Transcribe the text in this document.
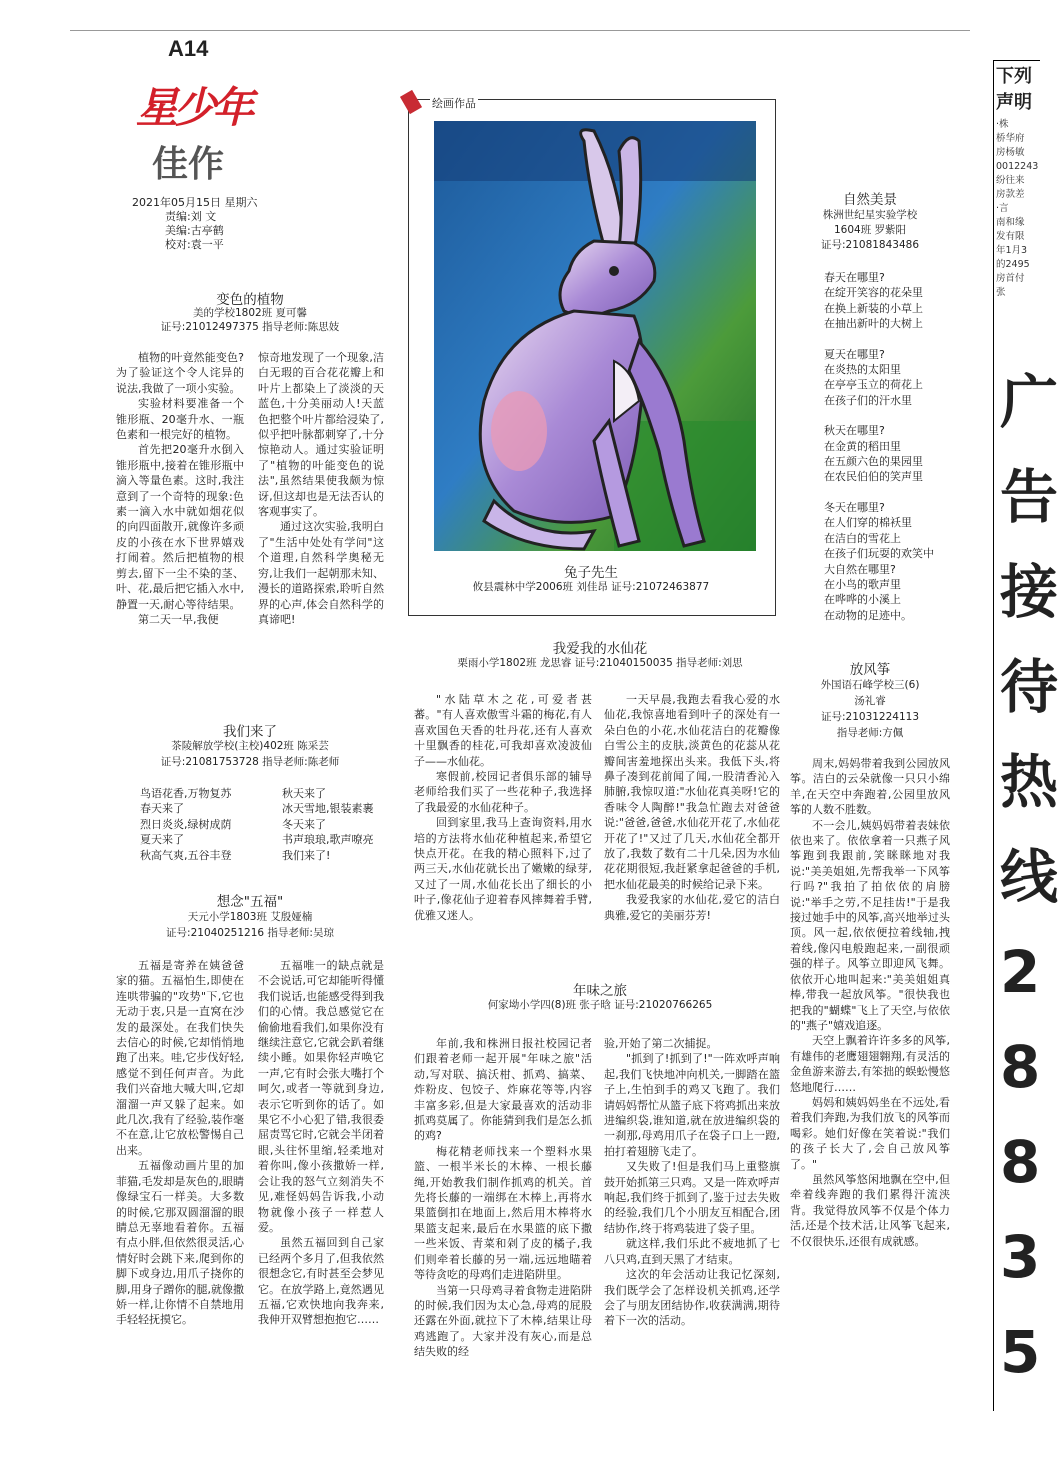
A14
星少年
佳作
2021年05月15日 星期六
责编:刘 文
美编:古亭鹤
校对:袁一平
变色的植物
美的学校1802班 夏可馨
证号:21012497375 指导老师:陈思妓

植物的叶竟然能变色?为了验证这个令人诧异的说法,我做了一项小实验。

实验材料要准备一个锥形瓶、20毫升水、一瓶色素和一根完好的植物。

首先把20毫升水倒入锥形瓶中,接着在锥形瓶中滴入等量色素。这时,我注意到了一个奇特的现象:色素一滴入水中就如烟花似的向四面散开,就像许多顽皮的小孩在水下世界嬉戏打闹着。然后把植物的根剪去,留下一尘不染的茎、叶、花,最后把它插入水中,静置一天,耐心等待结果。

第二天一早,我便

惊奇地发现了一个现象,洁白无瑕的百合花花瓣上和叶片上都染上了淡淡的天蓝色,十分美丽动人!天蓝色把整个叶片都给浸染了,似乎把叶脉都刺穿了,十分惊艳动人。通过实验证明了"植物的叶能变色的说法",虽然结果使我颇为惊讶,但这却也是无法否认的客观事实了。

通过这次实验,我明白了"生活中处处有学问"这个道理,自然科学奥秘无穷,让我们一起朝那未知、漫长的道路探索,聆听自然界的心声,体会自然科学的真谛吧!

我们来了
茶陵解放学校(主校)402班 陈采芸
证号:21081753728 指导老师:陈老师
鸟语花香,万物复苏
春天来了
烈日炎炎,绿树成荫
夏天来了
秋高气爽,五谷丰登
秋天来了
冰天雪地,银装素裹
冬天来了
书声琅琅,歌声嘹亮
我们来了!
想念"五福"
天元小学1803班 艾殷娅楠
证号:21040251216 指导老师:吴琼

五福是寄养在姨爸爸家的猫。五福怕生,即使在连哄带骗的"攻势"下,它也无动于衷,只是一直窝在沙发的最深处。在我们快失去信心的时候,它却悄悄地跑了出来。哇,它步伐好轻,感觉不到任何声音。为此我们兴奋地大喊大叫,它却溜溜一声又躲了起来。如此几次,我有了经验,装作毫不在意,让它放松警惕自己出来。

五福像动画片里的加菲猫,毛发却是灰色的,眼睛像绿宝石一样美。大多数的时候,它那双圆溜溜的眼睛总无辜地看着你。五福有点小胖,但依然很灵活,心情好时会跳下来,爬到你的脚下或身边,用爪子挠你的脚,用身子蹭你的腿,就像撒娇一样,让你情不自禁地用手轻轻抚摸它。

五福唯一的缺点就是不会说话,可它却能听得懂我们说话,也能感受得到我们的心情。我总感觉它在偷偷地看我们,如果你没有继续注意它,它就会趴着继续小睡。如果你轻声唤它一声,它有时会张大嘴打个呵欠,或者一等就到身边,表示它听到你的话了。如果它不小心犯了错,我很委屈责骂它时,它就会半闭着眼,头往怀里缩,轻柔地对着你叫,像小孩撒娇一样,会让我的怒气立刻消失不见,难怪妈妈告诉我,小动物就像小孩子一样惹人爱。

虽然五福回到自己家已经两个多月了,但我依然很想念它,有时甚至会梦见它。在放学路上,竟然遇见五福,它欢快地向我奔来,我伸开双臂想抱抱它……

绘画作品
兔子先生
攸县震林中学2006班 刘佳昂 证号:21072463877
我爱我的水仙花
栗雨小学1802班 龙思睿 证号:21040150035 指导老师:刘思

"水陆草木之花,可爱者甚蕃。"有人喜欢傲雪斗霜的梅花,有人喜欢国色天香的牡丹花,还有人喜欢十里飘香的桂花,可我却喜欢凌波仙子——水仙花。

寒假前,校园记者俱乐部的辅导老师给我们买了一些花种子,我选择了我最爱的水仙花种子。

回到家里,我马上查询资料,用水培的方法将水仙花种植起来,希望它快点开花。在我的精心照料下,过了两三天,水仙花就长出了嫩嫩的绿芽,又过了一周,水仙花长出了细长的小叶子,像花仙子迎着春风摔舞着手臂,优雅又迷人。

一天早晨,我跑去看我心爱的水仙花,我惊喜地看到叶子的深处有一朵白色的小花,水仙花洁白的花瓣像白雪公主的皮肤,淡黄色的花蕊从花瓣间害羞地探出头来。我低下头,将鼻子凑到花前闻了闻,一股清香沁入肺腑,我惊叹道:"水仙花真美呀!它的香味令人陶醉!"我急忙跑去对爸爸说:"爸爸,爸爸,水仙花开花了,水仙花开花了!"又过了几天,水仙花全都开放了,我数了数有二十几朵,因为水仙花花期很短,我赶紧拿起爸爸的手机,把水仙花最美的时候给记录下来。

我爱我家的水仙花,爱它的洁白典雅,爱它的美丽芬芳!

年味之旅
何家坳小学四(8)班 张子晗 证号:21020766265

年前,我和株洲日报社校园记者们跟着老师一起开展"年味之旅"活动,写对联、搞沃柑、抓鸡、搞菜、炸粉皮、包饺子、炸麻花等等,内容丰富多彩,但是大家最喜欢的活动非抓鸡莫属了。你能猜到我们是怎么抓的鸡?

梅花精老师找来一个塑料水果篮、一根半米长的木棒、一根长藤绳,开始教我们制作抓鸡的机关。首先将长藤的一端绑在木棒上,再将水果篮倒扣在地面上,然后用木棒将水果篮支起来,最后在水果篮的底下撒一些米饭、青菜和剁了皮的橘子,我们则牵着长藤的另一端,远远地瞄着等待贪吃的母鸡们走进陷阱里。

当第一只母鸡寻着食物走进陷阱的时候,我们因为太心急,母鸡的屁股还露在外面,就拉下了木棒,结果让母鸡逃跑了。大家并没有灰心,而是总结失败的经

验,开始了第二次捕捉。

"抓到了!抓到了!"一阵欢呼声响起,我们飞快地冲向机关,一脚踏在篮子上,生怕到手的鸡又飞跑了。我们请妈妈帮忙从篮子底下将鸡抓出来放进编织袋,谁知道,就在放进编织袋的一刹那,母鸡用爪子在袋子口上一蹬,拍打着翅膀飞走了。

又失败了!但是我们马上重整旗鼓开始抓第三只鸡。又是一阵欢呼声响起,我们终于抓到了,鉴于过去失败的经验,我们几个小朋友互相配合,团结协作,终于将鸡装进了袋子里。

就这样,我们乐此不疲地抓了七八只鸡,直到天黑了才结束。

这次的年会活动让我记忆深刻,我们既学会了怎样设机关抓鸡,还学会了与朋友团结协作,收获满满,期待着下一次的活动。

自然美景
株洲世纪星实验学校
1604班 罗紫阳
证号:21081843486
春天在哪里?
在绽开笑容的花朵里
在换上新装的小草上
在抽出新叶的大树上
夏天在哪里?
在炎热的太阳里
在亭亭玉立的荷花上
在孩子们的汗水里
秋天在哪里?
在金黄的稻田里
在五颜六色的果园里
在农民伯伯的笑声里
冬天在哪里?
在人们穿的棉袄里
在洁白的雪花上
在孩子们玩耍的欢笑中
大自然在哪里?
在小鸟的歌声里
在哗哗的小溪上
在动物的足迹中。
放风筝
外国语石峰学校三(6)
汤礼睿
证号:21031224113
指导老师:方佩

周末,妈妈带着我到公园放风筝。洁白的云朵就像一只只小绵羊,在天空中奔跑着,公园里放风筝的人数不胜数。

不一会儿,姨妈妈带着表妹依依也来了。依依拿着一只燕子风筝跑到我跟前,笑眯眯地对我说:"美美姐姐,先帮我举一下风筝行吗?"我拍了拍依依的肩膀说:"举手之劳,不足挂齿!"于是我接过她手中的风筝,高兴地举过头顶。风一起,依依便拉着线轴,拽着线,像闪电般跑起来,一副很顽强的样子。风筝立即迎风飞舞。依依开心地叫起来:"美美姐姐真棒,带我一起放风筝。"很快我也把我的"蝴蝶"飞上了天空,与依依的"燕子"嬉戏追逐。

天空上飘着许许多多的风筝,有雄伟的老鹰翅翅翱翔,有灵活的金鱼游来游去,有笨拙的蜈蚣慢悠悠地爬行……

妈妈和姨妈妈坐在不远处,看着我们奔跑,为我们放飞的风筝而喝彩。她们好像在笑着说:"我们的孩子长大了,会自己放风筝了。"

虽然风筝悠闲地飘在空中,但牵着线奔跑的我们累得汗流浃背。我觉得放风筝不仅是个体力活,还是个技术活,让风筝飞起来,不仅很快乐,还很有成就感。

下列
声明
·株
桥华府
房杨敏
0012243
纷往来
房款差
·言
南和缘
发有限
年1月3
的2495
房首付
张
广
告
接
待
热
线
2
8
8
3
5
